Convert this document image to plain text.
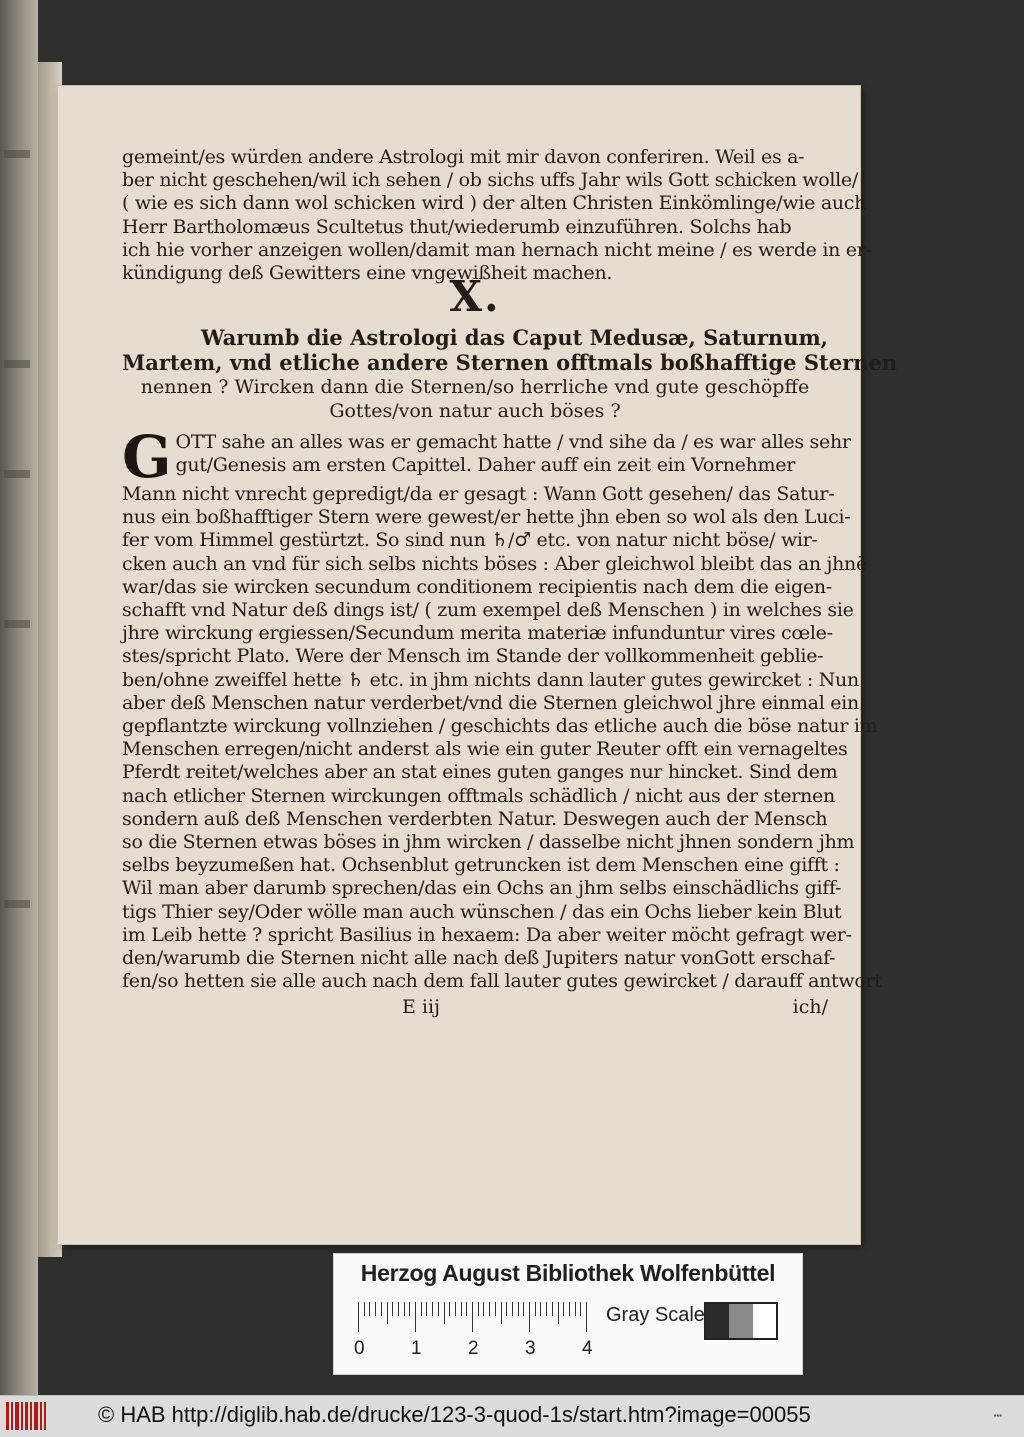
gemeint/es würden andere Astrologi mit mir davon conferiren. Weil es a-
ber nicht geschehen/wil ich sehen / ob sichs uffs Jahr wils Gott schicken wolle/
( wie es sich dann wol schicken wird ) der alten Christen Einkömlinge/wie auch
Herr Bartholomæus Scultetus thut/wiederumb einzuführen. Solchs hab
ich hie vorher anzeigen wollen/damit man hernach nicht meine / es werde in er-
kündigung deß Gewitters eine vngewißheit machen.
X.
Warumb die Astrologi das Caput Medusæ, Saturnum,
Martem, vnd etliche andere Sternen offtmals boßhafftige Sternen
nennen ? Wircken dann die Sternen/so herrliche vnd gute geschöpffe
Gottes/von natur auch böses ?
G OTT sahe an alles was er gemacht hatte / vnd sihe da / es war alles sehr
gut/Genesis am ersten Capittel. Daher auff ein zeit ein Vornehmer
Mann nicht vnrecht gepredigt/da er gesagt : Wann Gott gesehen/ das Satur-
nus ein boßhafftiger Stern were gewest/er hette jhn eben so wol als den Luci-
fer vom Himmel gestürtzt. So sind nun ♄/♂ etc. von natur nicht böse/ wir-
cken auch an vnd für sich selbs nichts böses : Aber gleichwol bleibt das an jhnē
war/das sie wircken secundum conditionem recipientis nach dem die eigen-
schafft vnd Natur deß dings ist/ ( zum exempel deß Menschen ) in welches sie
jhre wirckung ergiessen/Secundum merita materiæ infunduntur vires cœle-
stes/spricht Plato. Were der Mensch im Stande der vollkommenheit geblie-
ben/ohne zweiffel hette ♄ etc. in jhm nichts dann lauter gutes gewircket : Nun
aber deß Menschen natur verderbet/vnd die Sternen gleichwol jhre einmal ein
gepflantzte wirckung vollnziehen / geschichts das etliche auch die böse natur im
Menschen erregen/nicht anderst als wie ein guter Reuter offt ein vernageltes
Pferdt reitet/welches aber an stat eines guten ganges nur hincket. Sind dem
nach etlicher Sternen wirckungen offtmals schädlich / nicht aus der sternen
sondern auß deß Menschen verderbten Natur. Deswegen auch der Mensch
so die Sternen etwas böses in jhm wircken / dasselbe nicht jhnen sondern jhm
selbs beyzumeßen hat. Ochsenblut getruncken ist dem Menschen eine gifft :
Wil man aber darumb sprechen/das ein Ochs an jhm selbs einschädlichs giff-
tigs Thier sey/Oder wölle man auch wünschen / das ein Ochs lieber kein Blut
im Leib hette ? spricht Basilius in hexaem: Da aber weiter möcht gefragt wer-
den/warumb die Sternen nicht alle nach deß Jupiters natur vonGott erschaf-
fen/so hetten sie alle auch nach dem fall lauter gutes gewircket / darauff antwort
E iij	ich/
Herzog August Bibliothek Wolfenbüttel
0 1 2 3 4
Gray Scale
© HAB http://diglib.hab.de/drucke/123-3-quod-1s/start.htm?image=00055	▪▪▪
